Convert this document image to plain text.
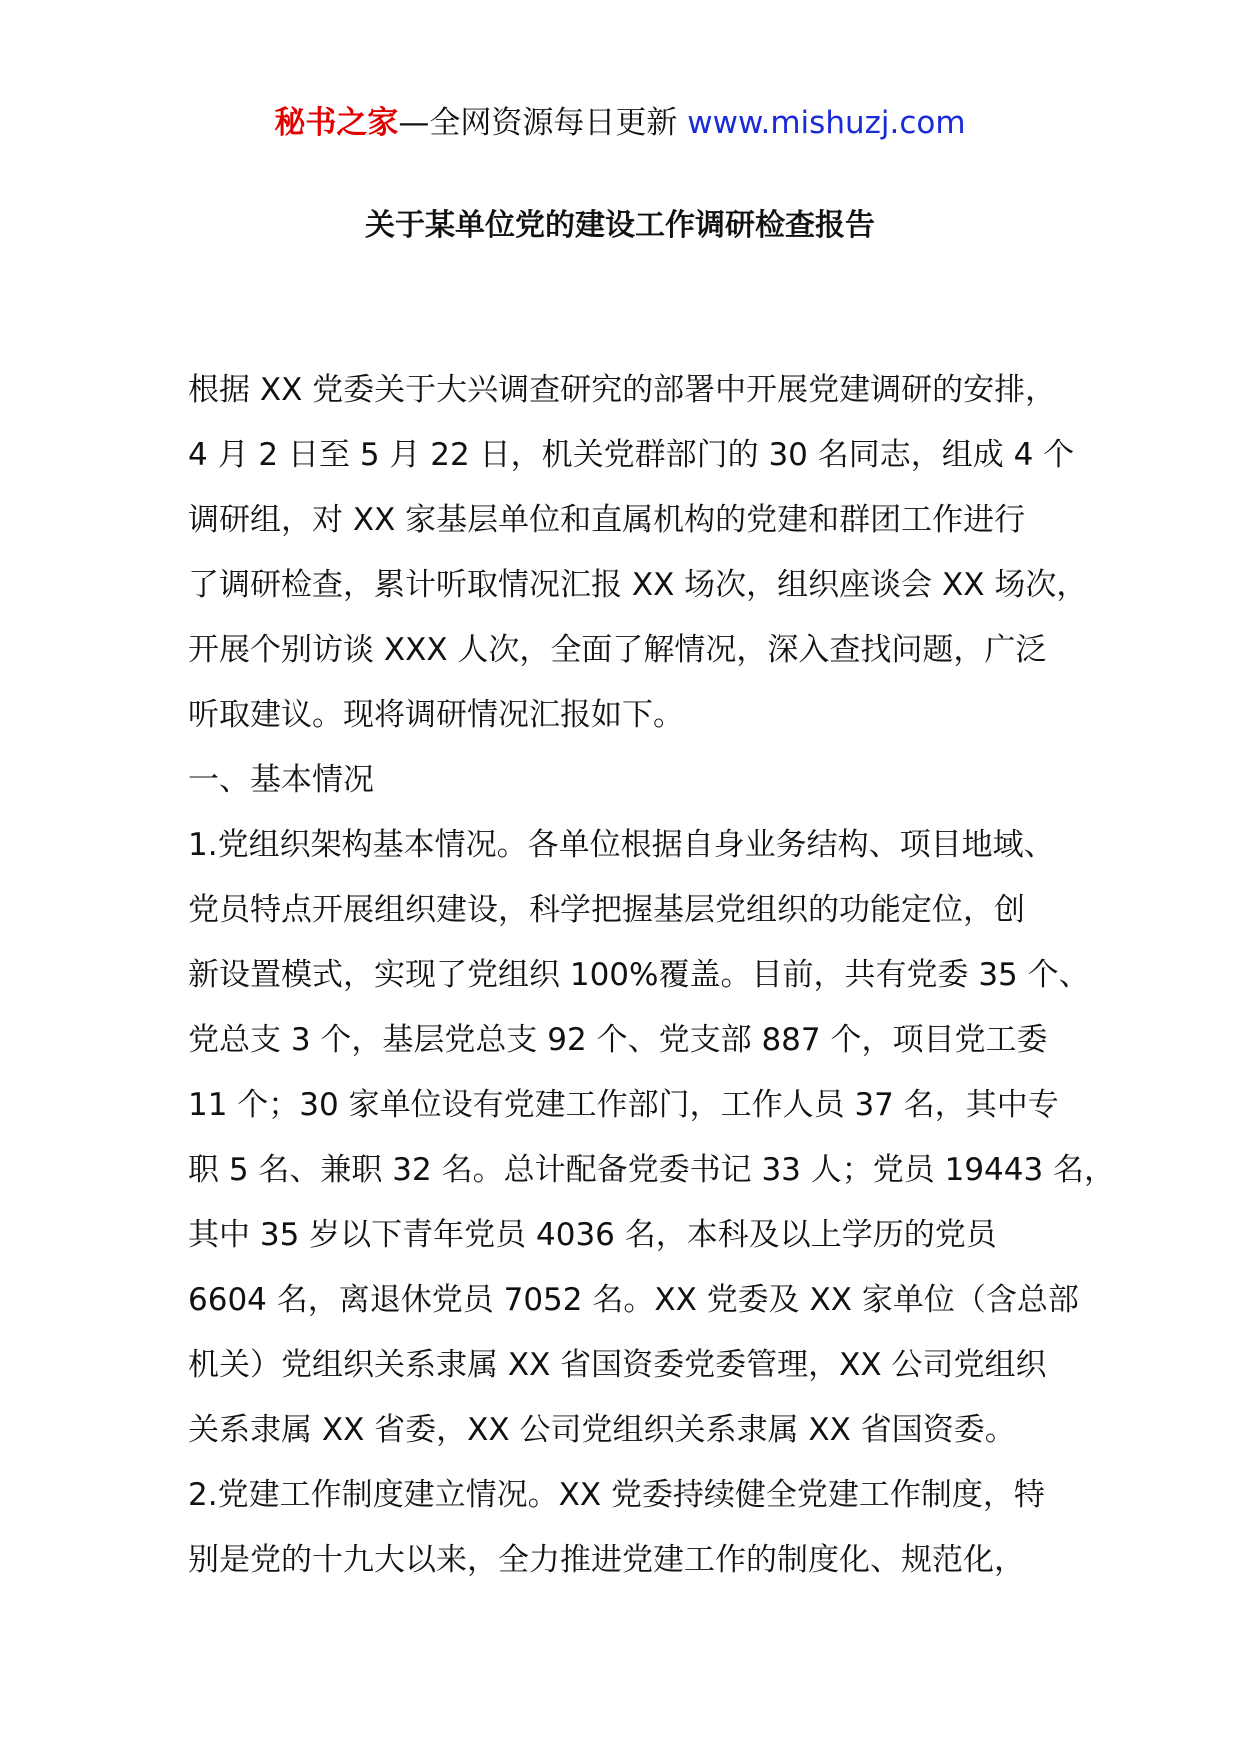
秘书之家—全网资源每日更新 www.mishuzj.com
关于某单位党的建设工作调研检查报告
根据 XX 党委关于大兴调查研究的部署中开展党建调研的安排，
4 月 2 日至 5 月 22 日，机关党群部门的 30 名同志，组成 4 个
调研组，对 XX 家基层单位和直属机构的党建和群团工作进行
了调研检查，累计听取情况汇报 XX 场次，组织座谈会 XX 场次，
开展个别访谈 XXX 人次，全面了解情况，深入查找问题，广泛
听取建议。现将调研情况汇报如下。
一、基本情况
1.党组织架构基本情况。各单位根据自身业务结构、项目地域、
党员特点开展组织建设，科学把握基层党组织的功能定位，创
新设置模式，实现了党组织 100%覆盖。目前，共有党委 35 个、
党总支 3 个，基层党总支 92 个、党支部 887 个，项目党工委
11 个；30 家单位设有党建工作部门，工作人员 37 名，其中专
职 5 名、兼职 32 名。总计配备党委书记 33 人；党员 19443 名，
其中 35 岁以下青年党员 4036 名，本科及以上学历的党员
6604 名，离退休党员 7052 名。XX 党委及 XX 家单位（含总部
机关）党组织关系隶属 XX 省国资委党委管理，XX 公司党组织
关系隶属 XX 省委，XX 公司党组织关系隶属 XX 省国资委。
2.党建工作制度建立情况。XX 党委持续健全党建工作制度，特
别是党的十九大以来，全力推进党建工作的制度化、规范化，
